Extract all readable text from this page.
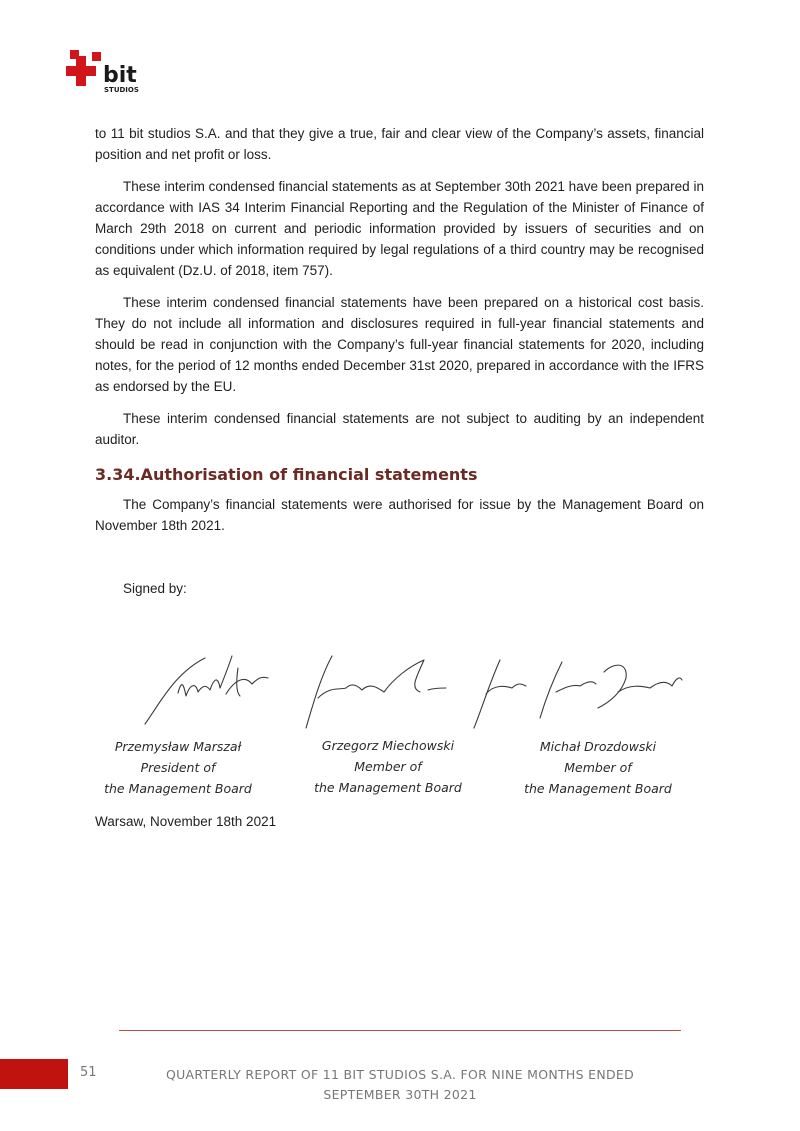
bit
STUDIOS

to 11 bit studios S.A. and that they give a true, fair and clear view of the Company’s assets, financial position and net profit or loss.

These interim condensed financial statements as at September 30th 2021 have been prepared in accordance with IAS 34 Interim Financial Reporting and the Regulation of the Minister of Finance of March 29th 2018 on current and periodic information provided by issuers of securities and on conditions under which information required by legal regulations of a third country may be recognised as equivalent (Dz.U. of 2018, item 757).

These interim condensed financial statements have been prepared on a historical cost basis. They do not include all information and disclosures required in full-year financial statements and should be read in conjunction with the Company’s full-year financial statements for 2020, including notes, for the period of 12 months ended December 31st 2020, prepared in accordance with the IFRS as endorsed by the EU.

These interim condensed financial statements are not subject to auditing by an independent auditor.

3.34.Authorisation of financial statements

The Company’s financial statements were authorised for issue by the Management Board on November 18th 2021.

Signed by:
Przemysław Marszał
President of
the Management Board
Grzegorz Miechowski
Member of
the Management Board
Michał Drozdowski
Member of
the Management Board
Warsaw, November 18th 2021
51	QUARTERLY REPORT OF 11 BIT STUDIOS S.A. FOR NINE MONTHS ENDED
SEPTEMBER 30TH 2021
